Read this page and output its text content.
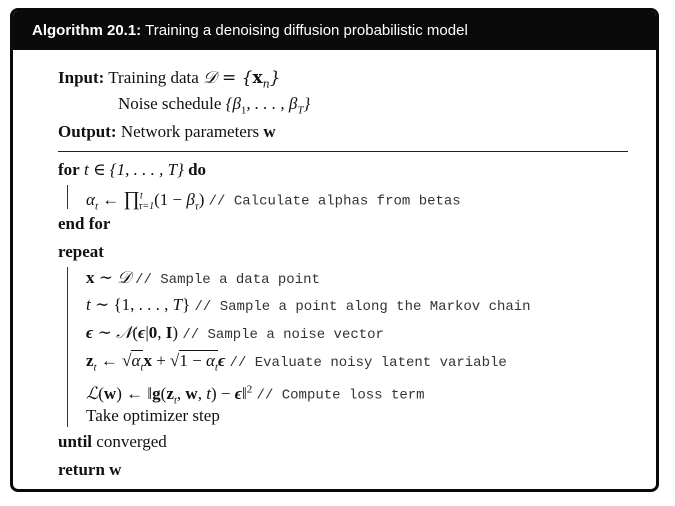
Algorithm 20.1: Training a denoising diffusion probabilistic model
Input: Training data 𝒟 = $\{x_n\}$
Noise schedule {$\beta_1$, . . . , $\beta_T$}
Output: Network parameters w
for t ∈ {1, . . . , T} do
$\alpha_t$ ← ∏$^t_{\tau=1}$(1 − $\beta_\tau$) // Calculate alphas from betas
end for
repeat
x ∼ 𝒟 // Sample a data point
t ∼ {1, . . . , T} // Sample a point along the Markov chain
ϵ ∼ 𝒩(ϵ|0, I) // Sample a noise vector
$z_t$ ← $√\alpha_tx + √1 - \alpha_t\epsilon$ // Evaluate noisy latent variable
ℒ(w) ← $‖g(z_t$, w, t) − ϵ‖$^2$ // Compute loss term
Take optimizer step
until converged
return w
